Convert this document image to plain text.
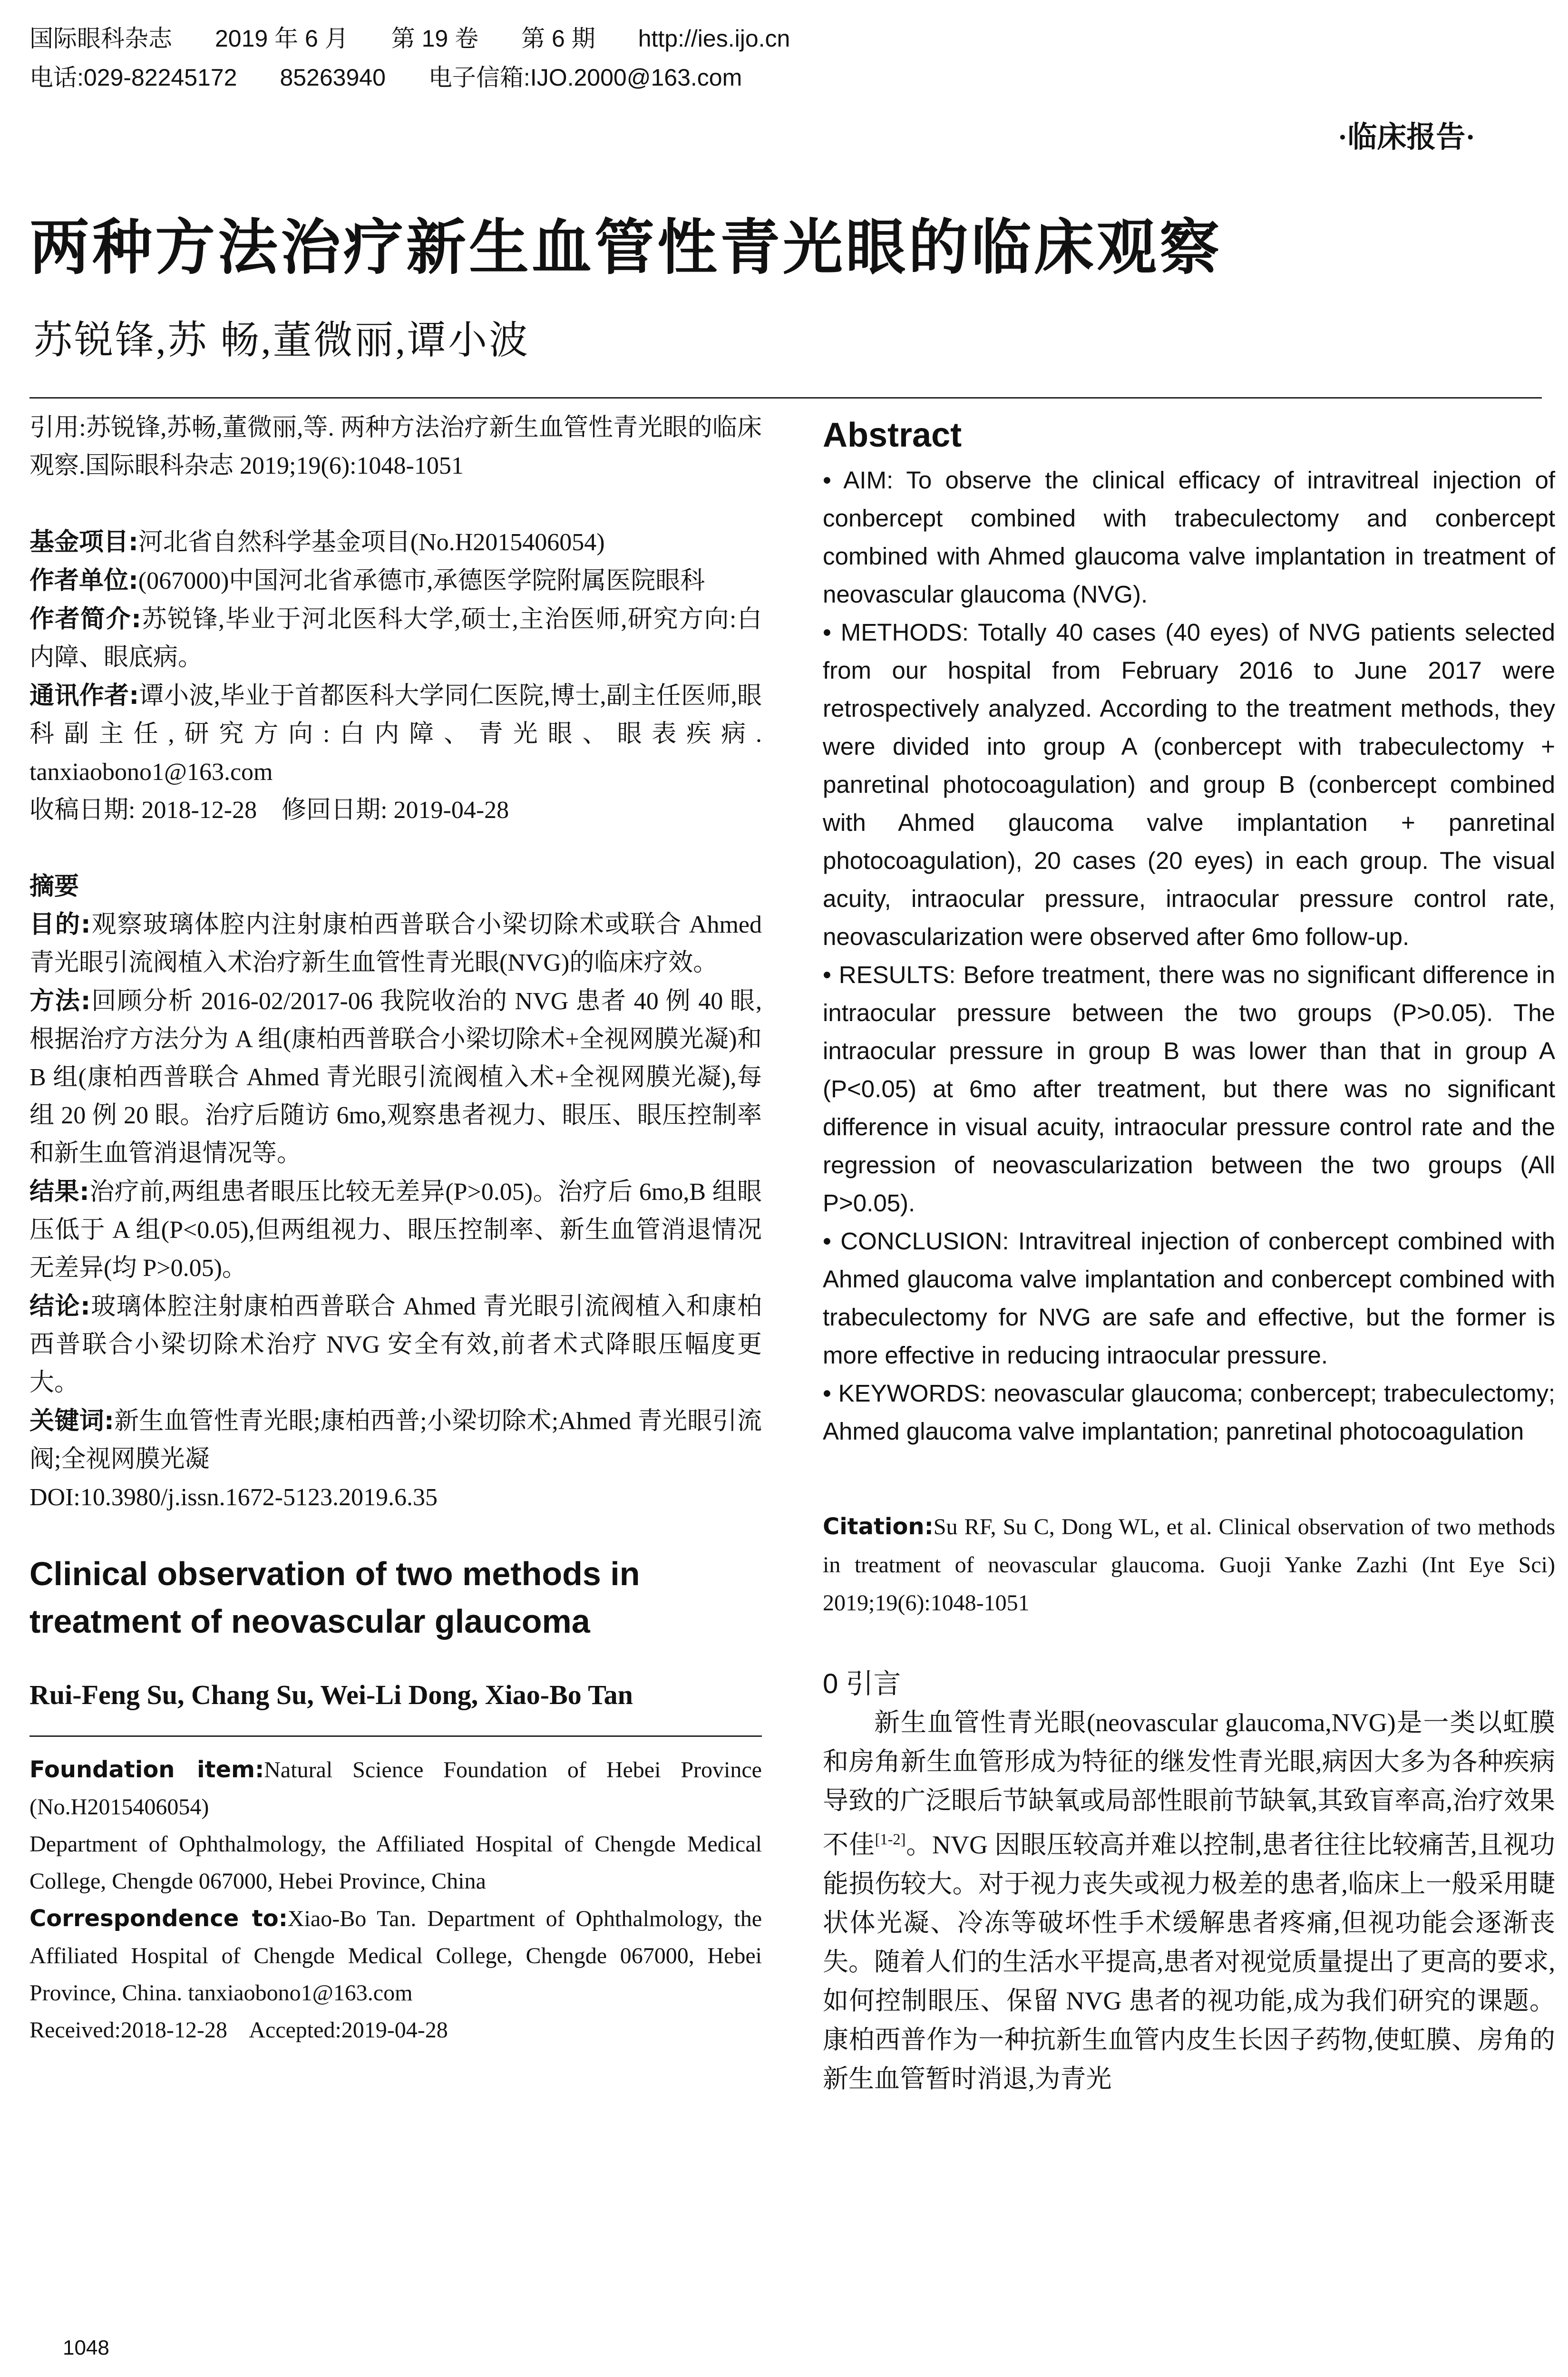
国际眼科杂志 2019 年 6 月 第 19 卷 第 6 期 http://ies.ijo.cn
电话:029-82245172 85263940 电子信箱:IJO.2000@163.com
·临床报告·
两种方法治疗新生血管性青光眼的临床观察
苏锐锋,苏 畅,董微丽,谭小波

引用:苏锐锋,苏畅,董微丽,等. 两种方法治疗新生血管性青光眼的临床观察.国际眼科杂志 2019;19(6):1048-1051

基金项目:河北省自然科学基金项目(No.H2015406054)

作者单位:(067000)中国河北省承德市,承德医学院附属医院眼科

作者简介:苏锐锋,毕业于河北医科大学,硕士,主治医师,研究方向:白内障、眼底病。

通讯作者:谭小波,毕业于首都医科大学同仁医院,博士,副主任医师,眼科副主任,研究方向:白内障、青光眼、眼表疾病. tanxiaobono1@163.com

收稿日期: 2018-12-28    修回日期: 2019-04-28

摘要

目的:观察玻璃体腔内注射康柏西普联合小梁切除术或联合 Ahmed 青光眼引流阀植入术治疗新生血管性青光眼(NVG)的临床疗效。

方法:回顾分析 2016-02/2017-06 我院收治的 NVG 患者 40 例 40 眼,根据治疗方法分为 A 组(康柏西普联合小梁切除术+全视网膜光凝)和 B 组(康柏西普联合 Ahmed 青光眼引流阀植入术+全视网膜光凝),每组 20 例 20 眼。治疗后随访 6mo,观察患者视力、眼压、眼压控制率和新生血管消退情况等。

结果:治疗前,两组患者眼压比较无差异(P>0.05)。治疗后 6mo,B 组眼压低于 A 组(P<0.05),但两组视力、眼压控制率、新生血管消退情况无差异(均 P>0.05)。

结论:玻璃体腔注射康柏西普联合 Ahmed 青光眼引流阀植入和康柏西普联合小梁切除术治疗 NVG 安全有效,前者术式降眼压幅度更大。

关键词:新生血管性青光眼;康柏西普;小梁切除术;Ahmed 青光眼引流阀;全视网膜光凝

DOI:10.3980/j.issn.1672-5123.2019.6.35

Clinical observation of two methods in treatment of neovascular glaucoma
Rui-Feng Su, Chang Su, Wei-Li Dong, Xiao-Bo Tan

Foundation item:Natural Science Foundation of Hebei Province (No.H2015406054)

Department of Ophthalmology, the Affiliated Hospital of Chengde Medical College, Chengde 067000, Hebei Province, China

Correspondence to:Xiao-Bo Tan. Department of Ophthalmology, the Affiliated Hospital of Chengde Medical College, Chengde 067000, Hebei Province, China. tanxiaobono1@163.com

Received:2018-12-28    Accepted:2019-04-28

Abstract

• AIM: To observe the clinical efficacy of intravitreal injection of conbercept combined with trabeculectomy and conbercept combined with Ahmed glaucoma valve implantation in treatment of neovascular glaucoma (NVG).

• METHODS: Totally 40 cases (40 eyes) of NVG patients selected from our hospital from February 2016 to June 2017 were retrospectively analyzed. According to the treatment methods, they were divided into group A (conbercept with trabeculectomy + panretinal photocoagulation) and group B (conbercept combined with Ahmed glaucoma valve implantation + panretinal photocoagulation), 20 cases (20 eyes) in each group. The visual acuity, intraocular pressure, intraocular pressure control rate, neovascularization were observed after 6mo follow-up.

• RESULTS: Before treatment, there was no significant difference in intraocular pressure between the two groups (P>0.05). The intraocular pressure in group B was lower than that in group A (P<0.05) at 6mo after treatment, but there was no significant difference in visual acuity, intraocular pressure control rate and the regression of neovascularization between the two groups (All P>0.05).

• CONCLUSION: Intravitreal injection of conbercept combined with Ahmed glaucoma valve implantation and conbercept combined with trabeculectomy for NVG are safe and effective, but the former is more effective in reducing intraocular pressure.

• KEYWORDS: neovascular glaucoma; conbercept; trabeculectomy; Ahmed glaucoma valve implantation; panretinal photocoagulation

Citation:Su RF, Su C, Dong WL, et al. Clinical observation of two methods in treatment of neovascular glaucoma. Guoji Yanke Zazhi (Int Eye Sci) 2019;19(6):1048-1051

0 引言

新生血管性青光眼(neovascular glaucoma,NVG)是一类以虹膜和房角新生血管形成为特征的继发性青光眼,病因大多为各种疾病导致的广泛眼后节缺氧或局部性眼前节缺氧,其致盲率高,治疗效果不佳[1-2]。NVG 因眼压较高并难以控制,患者往往比较痛苦,且视功能损伤较大。对于视力丧失或视力极差的患者,临床上一般采用睫状体光凝、冷冻等破坏性手术缓解患者疼痛,但视功能会逐渐丧失。随着人们的生活水平提高,患者对视觉质量提出了更高的要求,如何控制眼压、保留 NVG 患者的视功能,成为我们研究的课题。康柏西普作为一种抗新生血管内皮生长因子药物,使虹膜、房角的新生血管暂时消退,为青光

1048
